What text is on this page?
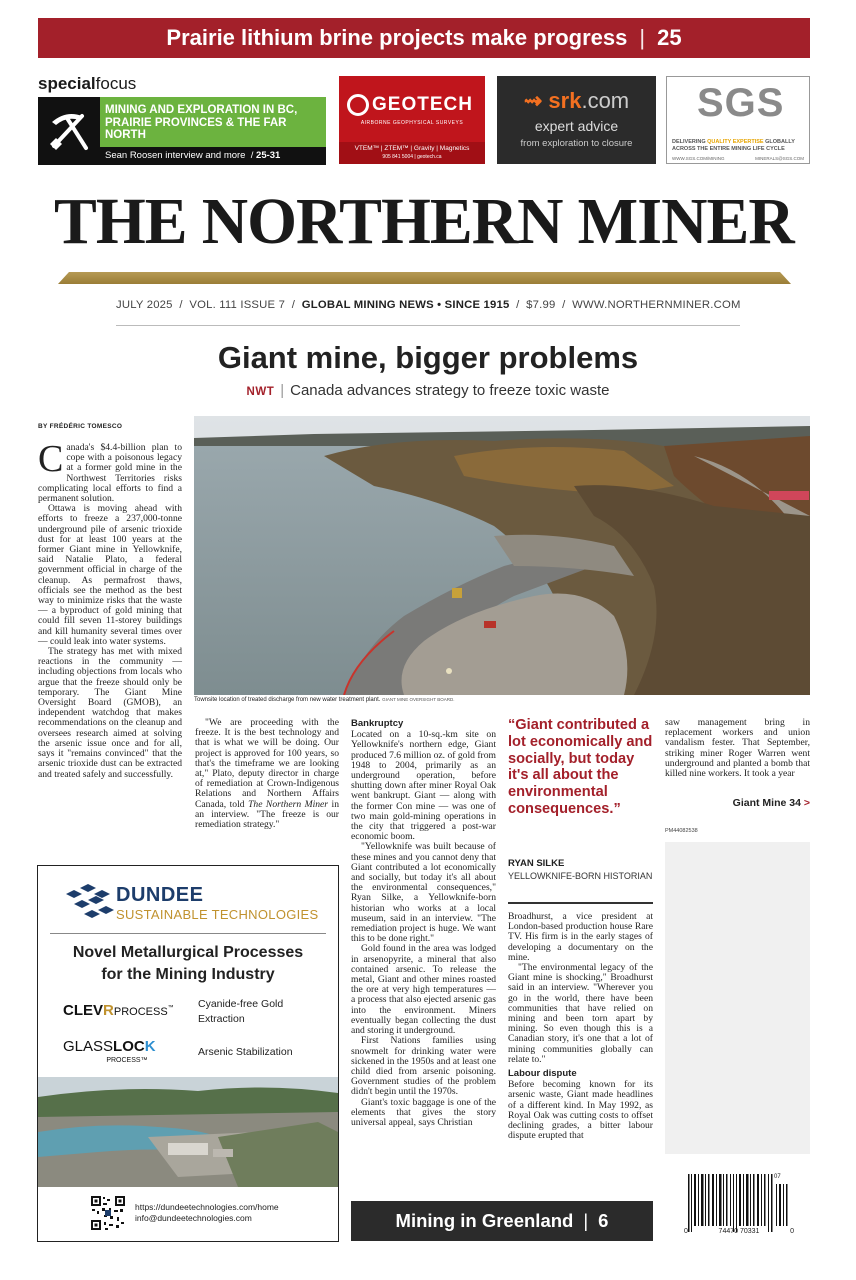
Prairie lithium brine projects make progress | 25
specialfocus
MINING AND EXPLORATION IN BC, PRAIRIE PROVINCES & THE FAR NORTH
Sean Roosen interview and more  / 25-31
GEOTECH
AIRBORNE GEOPHYSICAL SURVEYS
VTEM™ | ZTEM™ | Gravity | Magnetics
905 841 5004 | geotech.ca
⇝ srk.com
expert advice
from exploration to closure
SGS
DELIVERING QUALITY EXPERTISE GLOBALLY
ACROSS THE ENTIRE MINING LIFE CYCLE
WWW.SGS.COM/MINING	MINERALS@SGS.COM
THE NORTHERN MINER
JULY 2025  /  VOL. 111 ISSUE 7  /  GLOBAL MINING NEWS • SINCE 1915  /  $7.99  /  WWW.NORTHERNMINER.COM
Giant mine, bigger problems
NWT | Canada advances strategy to freeze toxic waste
BY FRÉDÉRIC TOMESCO

Canada's $4.4-billion plan to cope with a poisonous legacy at a former gold mine in the Northwest Territories risks complicating local efforts to find a permanent solution.

Ottawa is moving ahead with efforts to freeze a 237,000-tonne underground pile of arsenic trioxide dust for at least 100 years at the former Giant mine in Yellowknife, said Natalie Plato, a federal government official in charge of the cleanup. As permafrost thaws, officials see the method as the best way to minimize risks that the waste — a byproduct of gold mining that could fill seven 11-storey buildings and kill humanity several times over — could leak into water systems.

The strategy has met with mixed reactions in the community — including objections from locals who argue that the freeze should only be temporary. The Giant Mine Oversight Board (GMOB), an independent watchdog that makes recommendations on the cleanup and oversees research aimed at solving the arsenic issue once and for all, says it "remains convinced" that the arsenic trioxide dust can be extracted and treated safely and successfully.

Townsite location of treated discharge from new water treatment plant. GIANT MINE OVERSIGHT BOARD.

"We are proceeding with the freeze. It is the best technology and that is what we will be doing. Our project is approved for 100 years, so that's the timeframe we are looking at," Plato, deputy director in charge of remediation at Crown-Indigenous Relations and Northern Affairs Canada, told The Northern Miner in an interview. "The freeze is our remediation strategy."

Bankruptcy

Located on a 10-sq.-km site on Yellowknife's northern edge, Giant produced 7.6 million oz. of gold from 1948 to 2004, primarily as an underground operation, before shutting down after miner Royal Oak went bankrupt. Giant — along with the former Con mine — was one of two main gold-mining operations in the city that triggered a post-war economic boom.

"Yellowknife was built because of these mines and you cannot deny that Giant contributed a lot economically and socially, but today it's all about the environmental consequences," Ryan Silke, a Yellowknife-born historian who works at a local museum, said in an interview. "The remediation project is huge. We want this to be done right."

Gold found in the area was lodged in arsenopyrite, a mineral that also contained arsenic. To release the metal, Giant and other mines roasted the ore at very high temperatures — a process that also ejected arsenic gas into the environment. Miners eventually began collecting the dust and storing it underground.

First Nations families using snowmelt for drinking water were sickened in the 1950s and at least one child died from arsenic poisoning. Government studies of the problem didn't begin until the 1970s.

Giant's toxic baggage is one of the elements that gives the story universal appeal, says Christian

“Giant contributed a lot economically and socially, but today it's all about the environmental consequences.”
RYAN SILKE
YELLOWKNIFE-BORN HISTORIAN

Broadhurst, a vice president at London-based production house Rare TV. His firm is in the early stages of developing a documentary on the mine.

"The environmental legacy of the Giant mine is shocking," Broadhurst said in an interview. "Wherever you go in the world, there have been communities that have relied on mining and been torn apart by mining. So even though this is a Canadian story, it's one that a lot of mining communities globally can relate to."

Labour dispute

Before becoming known for its arsenic waste, Giant made headlines of a different kind. In May 1992, as Royal Oak was cutting costs to offset declining grades, a bitter labour dispute erupted that

saw management bring in replacement workers and union vandalism fester. That September, striking miner Roger Warren went underground and planted a bomb that killed nine workers. It took a year

Giant Mine 34 >
PM44082538
0	74470 70331	0
07
DUNDEE
SUSTAINABLE TECHNOLOGIES
Novel Metallurgical Processes
for the Mining Industry
CLEVRPROCESS™ Cyanide-free Gold Extraction
GLASSLOCK
PROCESS™
Arsenic Stabilization
https://dundeetechnologies.com/home
info@dundeetechnologies.com	Mining in Greenland | 6
